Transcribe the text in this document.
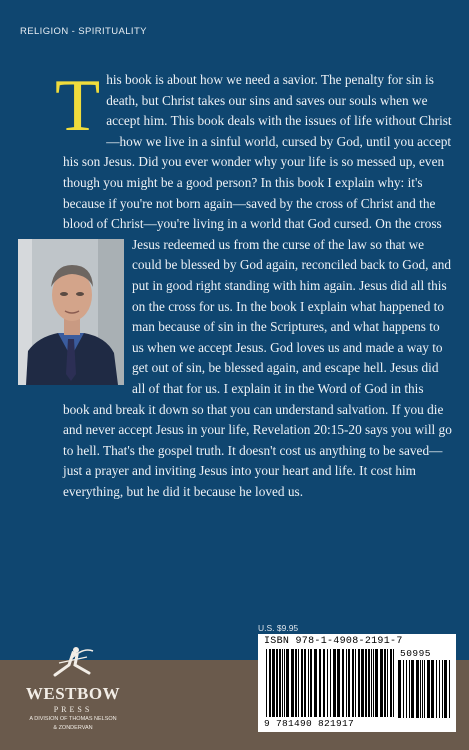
RELIGION - SPIRITUALITY

This book is about how we need a savior. The penalty for sin is death, but Christ takes our sins and saves our souls when we accept him. This book deals with the issues of life without Christ—how we live in a sinful world, cursed by God, until you accept his son Jesus. Did you ever wonder why your life is so messed up, even though you might be a good person? In this book I explain why: it's because if you're not born again—saved by the cross of Christ and the blood of Christ—you're living in a world that God cursed. On the cross
Jesus redeemed us from the curse of the law so that we could be blessed by God again, reconciled back to God, and put in good right standing with him again. Jesus did all this on the cross for us. In the book I explain what happened to man because of sin in the Scriptures, and what happens to us when we accept Jesus. God loves us and made a way to get out of sin, be blessed again, and escape hell. Jesus did all of that for us. I explain it in the Word of God in this book and break it down so that you can understand salvation. If you die and never accept Jesus in your life, Revelation 20:15-20 says you will go to hell. That's the gospel truth. It doesn't cost us anything to be saved—just a prayer and inviting Jesus into your heart and life. It cost him everything, but he did it because he loved us.

WESTBOW
PRESS
A DIVISION OF THOMAS NELSON
& ZONDERVAN
U.S. $9.95
ISBN 978-1-4908-2191-7
50995
9 781490 821917
